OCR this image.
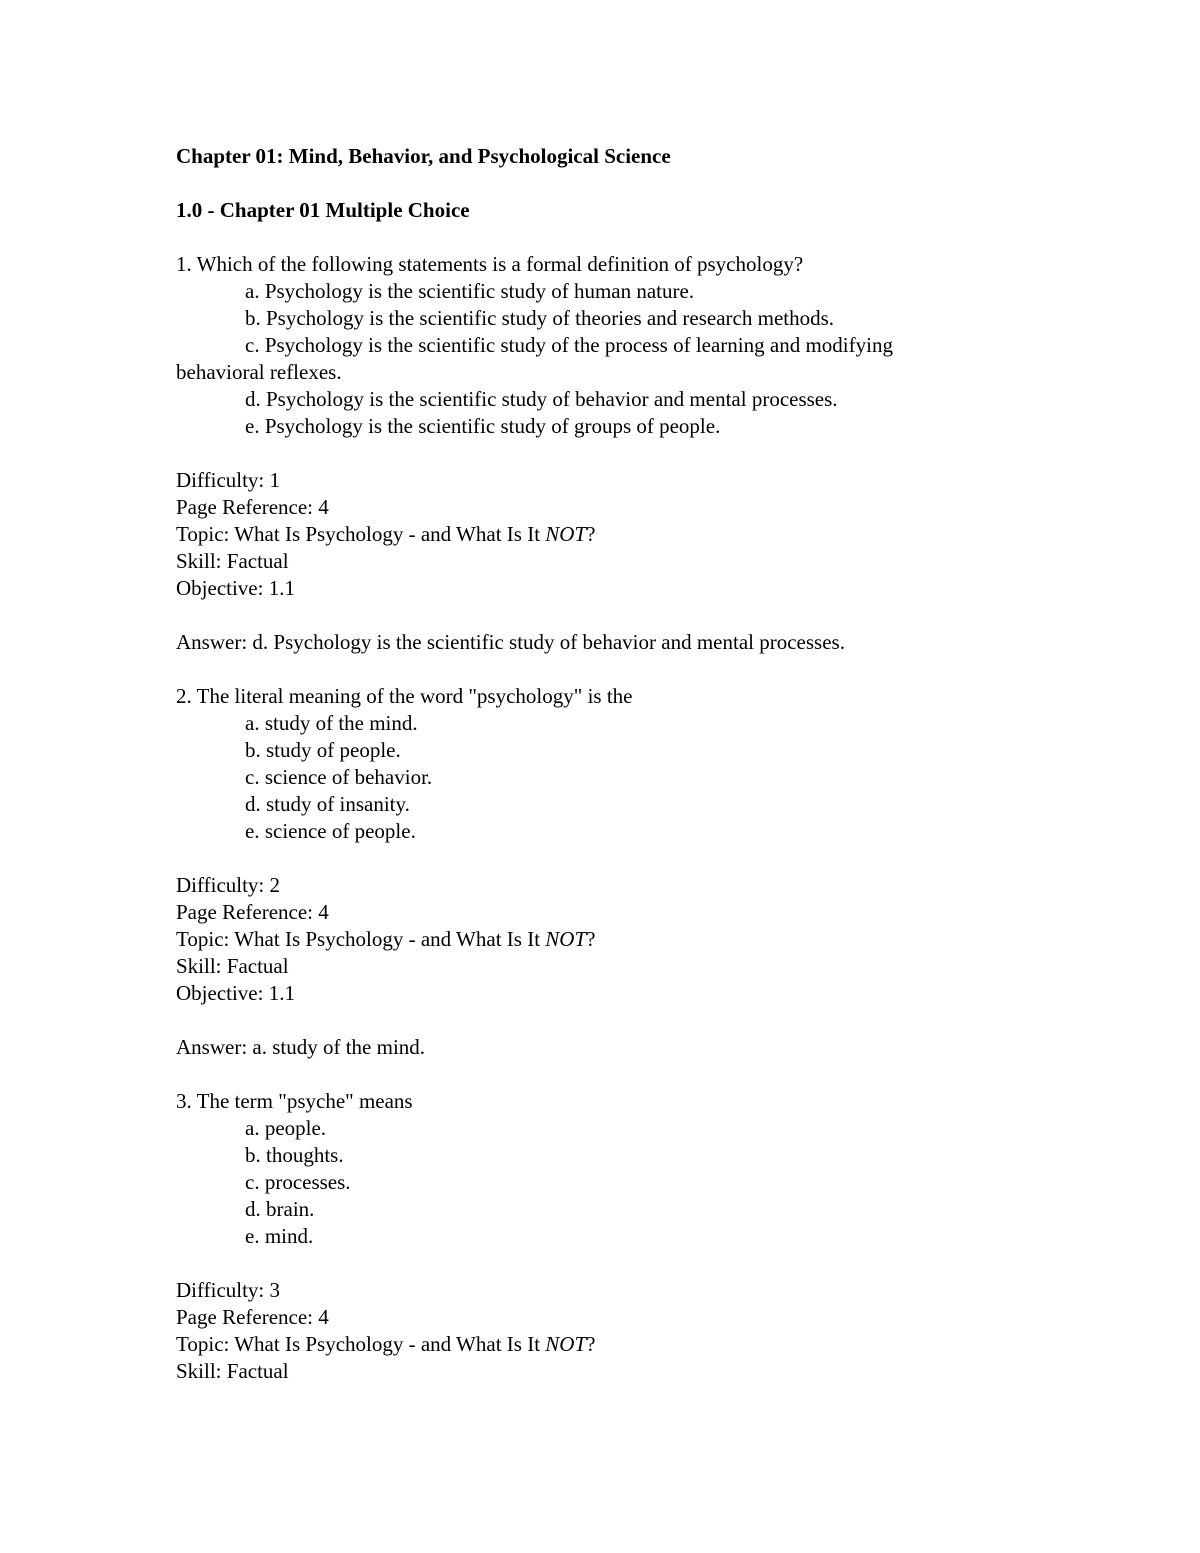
Chapter 01: Mind, Behavior, and Psychological Science
1.0 - Chapter 01 Multiple Choice
1. Which of the following statements is a formal definition of psychology?
a. Psychology is the scientific study of human nature.
b. Psychology is the scientific study of theories and research methods.
c. Psychology is the scientific study of the process of learning and modifying
behavioral reflexes.
d. Psychology is the scientific study of behavior and mental processes.
e. Psychology is the scientific study of groups of people.
Difficulty: 1
Page Reference: 4
Topic: What Is Psychology - and What Is It NOT?
Skill: Factual
Objective: 1.1
Answer: d. Psychology is the scientific study of behavior and mental processes.
2. The literal meaning of the word "psychology" is the
a. study of the mind.
b. study of people.
c. science of behavior.
d. study of insanity.
e. science of people.
Difficulty: 2
Page Reference: 4
Topic: What Is Psychology - and What Is It NOT?
Skill: Factual
Objective: 1.1
Answer: a. study of the mind.
3. The term "psyche" means
a. people.
b. thoughts.
c. processes.
d. brain.
e. mind.
Difficulty: 3
Page Reference: 4
Topic: What Is Psychology - and What Is It NOT?
Skill: Factual
